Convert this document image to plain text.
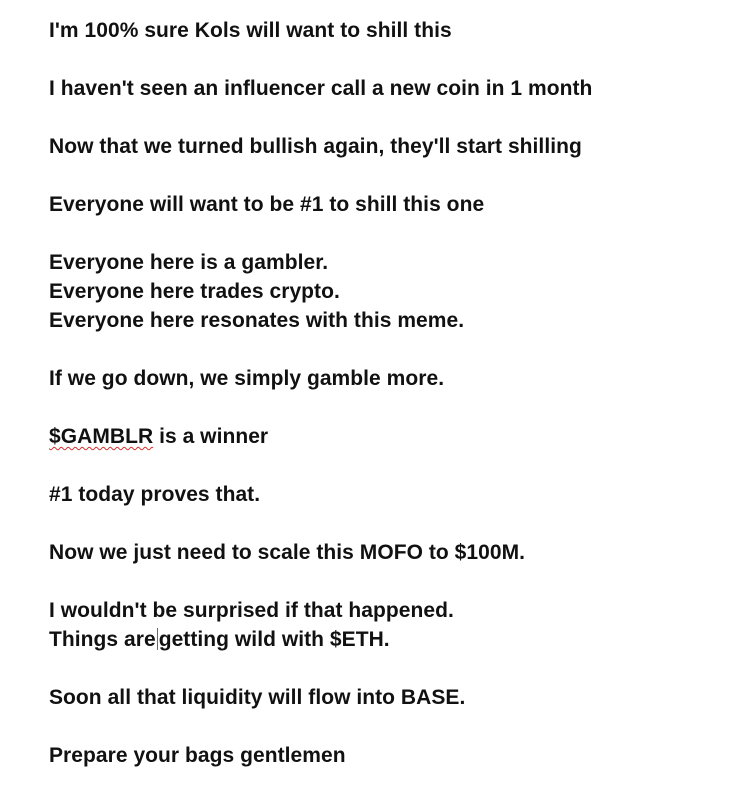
I'm 100% sure Kols will want to shill this
I haven't seen an influencer call a new coin in 1 month
Now that we turned bullish again, they'll start shilling
Everyone will want to be #1 to shill this one
Everyone here is a gambler.
Everyone here trades crypto.
Everyone here resonates with this meme.
If we go down, we simply gamble more.
$GAMBLR is a winner
#1 today proves that.
Now we just need to scale this MOFO to $100M.
I wouldn't be surprised if that happened.
Things are getting wild with $ETH.
Soon all that liquidity will flow into BASE.
Prepare your bags gentlemen
